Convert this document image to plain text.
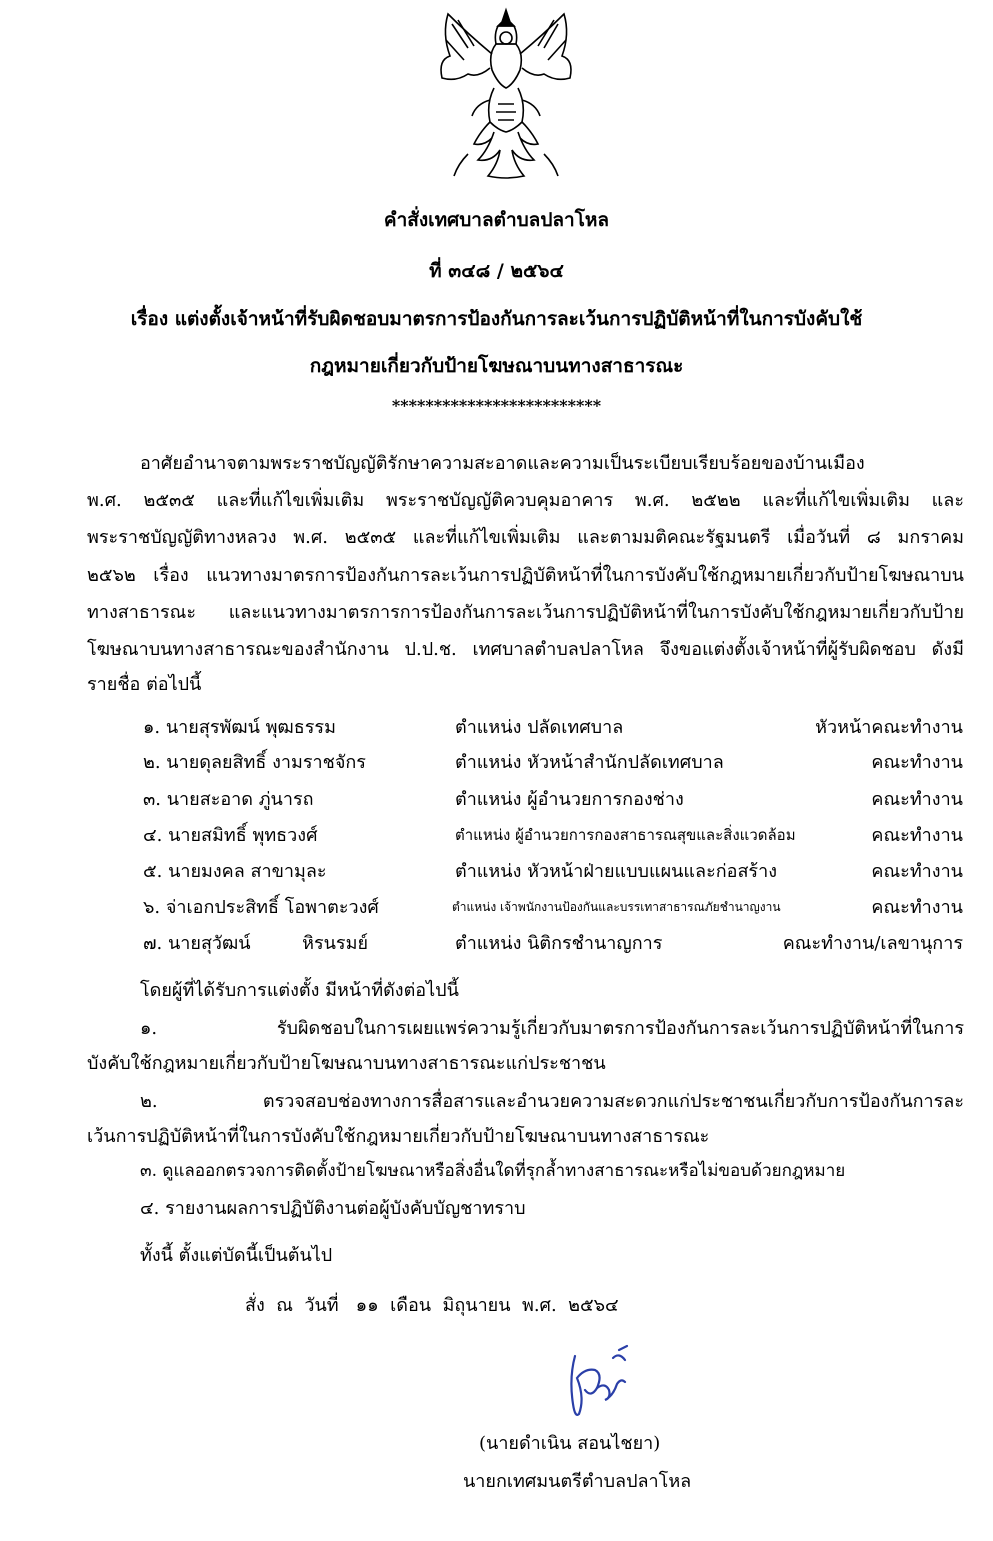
คำสั่งเทศบาลตำบลปลาโหล
ที่ ๓๔๘ / ๒๕๖๔
เรื่อง แต่งตั้งเจ้าหน้าที่รับผิดชอบมาตรการป้องกันการละเว้นการปฏิบัติหน้าที่ในการบังคับใช้
กฎหมายเกี่ยวกับป้ายโฆษณาบนทางสาธารณะ
*************************
อาศัยอำนาจตามพระราชบัญญัติรักษาความสะอาดและความเป็นระเบียบเรียบร้อยของบ้านเมือง
พ.ศ. ๒๕๓๕ และที่แก้ไขเพิ่มเติม พระราชบัญญัติควบคุมอาคาร พ.ศ. ๒๕๒๒ และที่แก้ไขเพิ่มเติม และ
พระราชบัญญัติทางหลวง พ.ศ. ๒๕๓๕ และที่แก้ไขเพิ่มเติม และตามมติคณะรัฐมนตรี เมื่อวันที่ ๘ มกราคม
๒๕๖๒ เรื่อง แนวทางมาตรการป้องกันการละเว้นการปฏิบัติหน้าที่ในการบังคับใช้กฎหมายเกี่ยวกับป้ายโฆษณาบน
ทางสาธารณะ และแนวทางมาตรการการป้องกันการละเว้นการปฏิบัติหน้าที่ในการบังคับใช้กฎหมายเกี่ยวกับป้าย
โฆษณาบนทางสาธารณะของสำนักงาน ป.ป.ช. เทศบาลตำบลปลาโหล จึงขอแต่งตั้งเจ้าหน้าที่ผู้รับผิดชอบ ดังมี
รายชื่อ ต่อไปนี้
๑. นายสุรพัฒน์ พุฒธรรม	ตำแหน่ง ปลัดเทศบาล	หัวหน้าคณะทำงาน
๒. นายดุลยสิทธิ์ งามราชจักร	ตำแหน่ง หัวหน้าสำนักปลัดเทศบาล	คณะทำงาน
๓. นายสะอาด ภู่นารถ	ตำแหน่ง ผู้อำนวยการกองช่าง	คณะทำงาน
๔. นายสมิทธิ์ พุทธวงศ์	ตำแหน่ง ผู้อำนวยการกองสาธารณสุขและสิ่งแวดล้อม	คณะทำงาน
๕. นายมงคล สาขามุละ	ตำแหน่ง หัวหน้าฝ่ายแบบแผนและก่อสร้าง	คณะทำงาน
๖. จ่าเอกประสิทธิ์ โอพาตะวงศ์	ตำแหน่ง เจ้าพนักงานป้องกันและบรรเทาสาธารณภัยชำนาญงาน	คณะทำงาน
๗. นายสุวัฒน์         หิรนรมย์	ตำแหน่ง นิติกรชำนาญการ	คณะทำงาน/เลขานุการ
โดยผู้ที่ได้รับการแต่งตั้ง มีหน้าที่ดังต่อไปนี้
๑. รับผิดชอบในการเผยแพร่ความรู้เกี่ยวกับมาตรการป้องกันการละเว้นการปฏิบัติหน้าที่ในการ
บังคับใช้กฎหมายเกี่ยวกับป้ายโฆษณาบนทางสาธารณะแก่ประชาชน
๒. ตรวจสอบช่องทางการสื่อสารและอำนวยความสะดวกแก่ประชาชนเกี่ยวกับการป้องกันการละ
เว้นการปฏิบัติหน้าที่ในการบังคับใช้กฎหมายเกี่ยวกับป้ายโฆษณาบนทางสาธารณะ
๓. ดูแลออกตรวจการติดตั้งป้ายโฆษณาหรือสิ่งอื่นใดที่รุกล้ำทางสาธารณะหรือไม่ขอบด้วยกฎหมาย
๔. รายงานผลการปฏิบัติงานต่อผู้บังคับบัญชาทราบ
ทั้งนี้ ตั้งแต่บัดนี้เป็นต้นไป
สั่ง  ณ  วันที่   ๑๑  เดือน  มิถุนายน  พ.ศ.  ๒๕๖๔
(นายดำเนิน สอนไชยา)
นายกเทศมนตรีตำบลปลาโหล
